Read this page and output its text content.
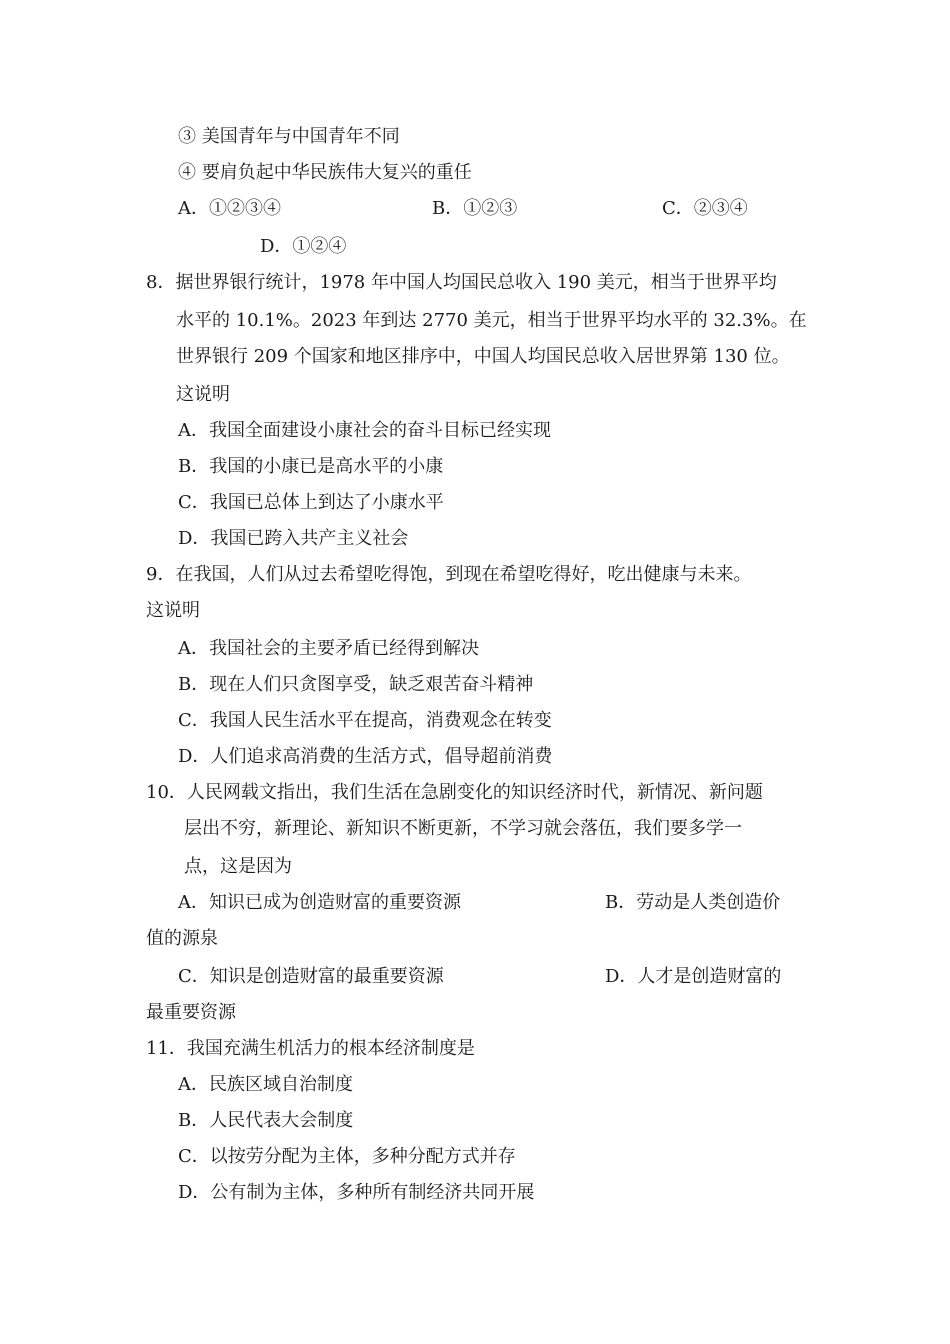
③ 美国青年与中国青年不同
④ 要肩负起中华民族伟大复兴的重任
A．①②③④	B．①②③	C．②③④
D．①②④
8．据世界银行统计，1978 年中国人均国民总收入 190 美元，相当于世界平均
水平的 10.1%。2023 年到达 2770 美元，相当于世界平均水平的 32.3%。在
世界银行 209 个国家和地区排序中，中国人均国民总收入居世界第 130 位。
这说明
A．我国全面建设小康社会的奋斗目标已经实现
B．我国的小康已是高水平的小康
C．我国已总体上到达了小康水平
D．我国已跨入共产主义社会
9．在我国，人们从过去希望吃得饱，到现在希望吃得好，吃出健康与未来。
这说明
A．我国社会的主要矛盾已经得到解决
B．现在人们只贪图享受，缺乏艰苦奋斗精神
C．我国人民生活水平在提高，消费观念在转变
D．人们追求高消费的生活方式，倡导超前消费
10．人民网载文指出，我们生活在急剧变化的知识经济时代，新情况、新问题
层出不穷，新理论、新知识不断更新，不学习就会落伍，我们要多学一
点，这是因为
A．知识已成为创造财富的重要资源	B．劳动是人类创造价
值的源泉
C．知识是创造财富的最重要资源	D．人才是创造财富的
最重要资源
11．我国充满生机活力的根本经济制度是
A．民族区域自治制度
B．人民代表大会制度
C．以按劳分配为主体，多种分配方式并存
D．公有制为主体，多种所有制经济共同开展
